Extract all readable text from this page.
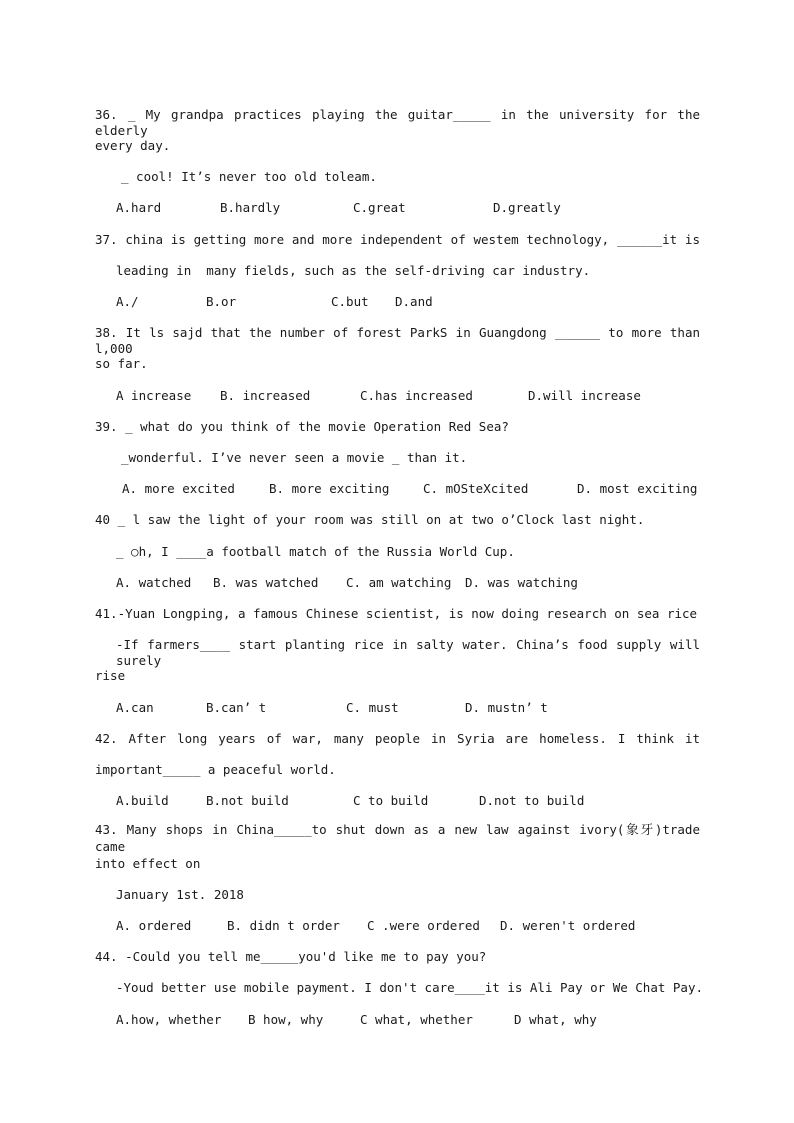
36. _ My grandpa practices playing the guitar_____ in the university for the elderly
every day.
_ cool! It’s never too old toleam.
A.hard	B.hardly	C.great	D.greatly
37. china is getting more and more independent of westem technology, ______it is
leading in  many fields, such as the self-driving car industry.
A./	B.or	C.but D.and
38. It ls sajd that the number of forest ParkS in Guangdong ______ to more than l,000
so far.
A increase B. increased	C.has increased	D.will increase
39. _ what do you think of the movie Operation Red Sea?
_wonderful. I’ve never seen a movie _ than it.
A. more excited	B. more exciting	C. mOSteXcited	D. most exciting
40 _ l saw the light of your room was still on at two o’Clock last night.
_ ○h, I ____a football match of the Russia World Cup.
A. watched B. was watched C. am watching D. was watching
41.-Yuan Longping, a famous Chinese scientist, is now doing research on sea rice
-If farmers____ start planting rice in salty water. China’s food supply will surely
rise
A.can	B.can’ t	C. must	D. mustn’ t
42. After long years of war, many people in Syria are homeless. I think it
important_____ a peaceful world.
A.build	B.not build	C to build	D.not to build
43. Many shops in China_____to shut down as a new law against ivory(象牙)trade came
into effect on
January 1st. 2018
A. ordered	B. didn t order C .were ordered D. weren't ordered
44. -Could you tell me_____you'd like me to pay you?
-Youd better use mobile payment. I don't care____it is Ali Pay or We Chat Pay.
A.how, whether B how, why	C what, whether	D what, why
